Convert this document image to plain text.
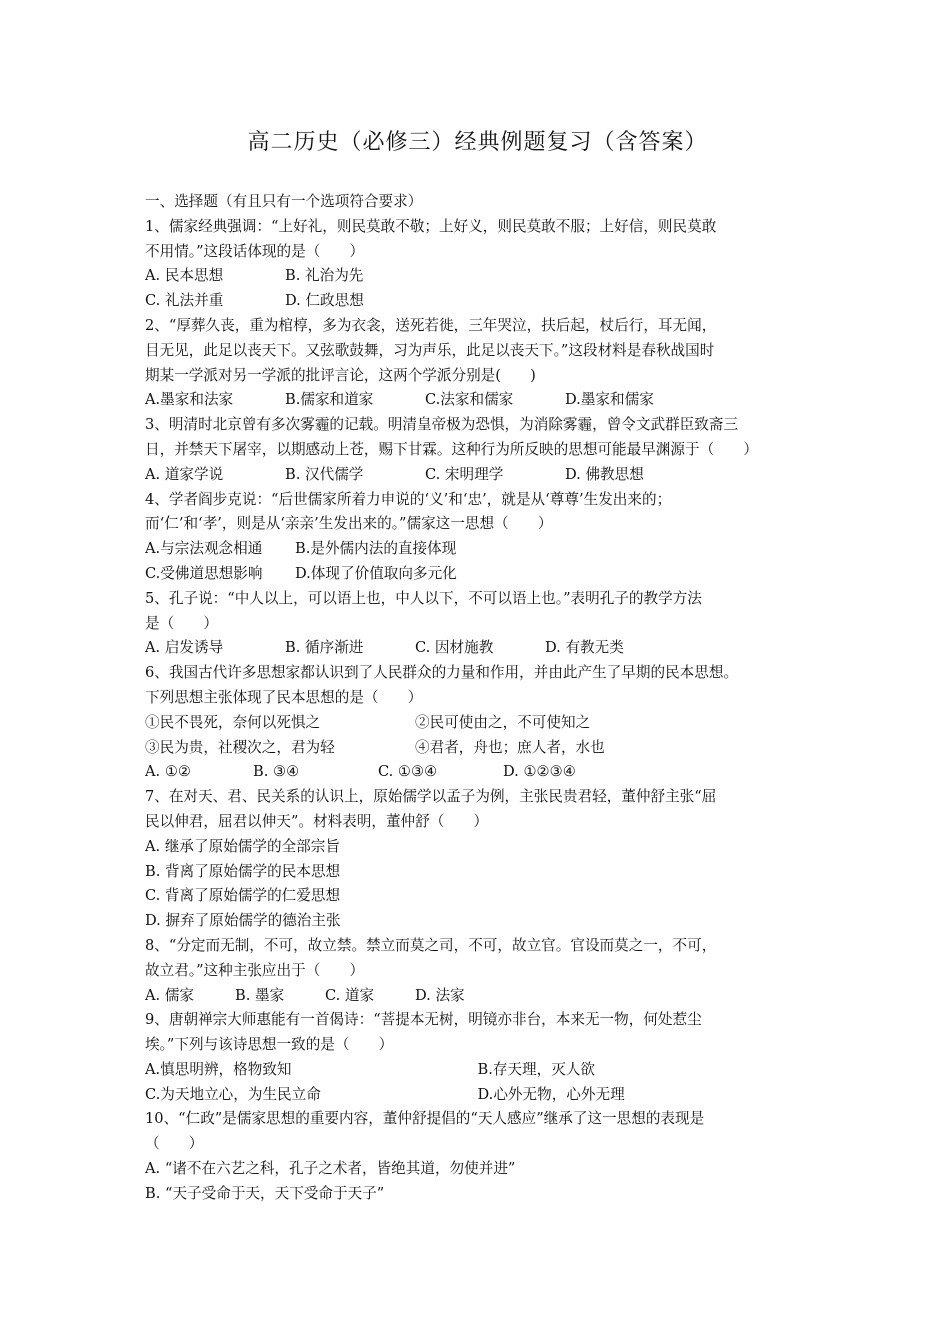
高二历史（必修三）经典例题复习（含答案）
一、选择题（有且只有一个选项符合要求）
1、儒家经典强调：“上好礼，则民莫敢不敬；上好义，则民莫敢不服；上好信，则民莫敢
不用情。”这段话体现的是（　　）
A. 民本思想	B. 礼治为先
C. 礼法并重	D. 仁政思想
2、“厚葬久丧，重为棺椁，多为衣衾，送死若徙，三年哭泣，扶后起，杖后行，耳无闻，
目无见，此足以丧天下。又弦歌鼓舞，习为声乐，此足以丧天下。”这段材料是春秋战国时
期某一学派对另一学派的批评言论，这两个学派分别是(　　)
A.墨家和法家	B.儒家和道家	C.法家和儒家	D.墨家和儒家
3、明清时北京曾有多次雾霾的记载。明清皇帝极为恐惧，为消除雾霾，曾令文武群臣致斋三
日，并禁天下屠宰，以期感动上苍，赐下甘霖。这种行为所反映的思想可能最早渊源于（　　）
A. 道家学说	B. 汉代儒学	C. 宋明理学	D. 佛教思想
4、学者阎步克说：“后世儒家所着力申说的‘义’和‘忠’，就是从‘尊尊’生发出来的；
而‘仁’和‘孝’，则是从‘亲亲’生发出来的。”儒家这一思想（　　）
A.与宗法观念相通	B.是外儒内法的直接体现
C.受佛道思想影响	D.体现了价值取向多元化
5、孔子说：“中人以上，可以语上也，中人以下，不可以语上也。”表明孔子的教学方法
是（　　）
A. 启发诱导	B. 循序渐进	C. 因材施教	D. 有教无类
6、我国古代许多思想家都认识到了人民群众的力量和作用，并由此产生了早期的民本思想。
下列思想主张体现了民本思想的是（　　）
①民不畏死，奈何以死惧之	②民可使由之，不可使知之
③民为贵，社稷次之，君为轻	④君者，舟也；庶人者，水也
A. ①②	B. ③④	C. ①③④	D. ①②③④
7、在对天、君、民关系的认识上，原始儒学以孟子为例，主张民贵君轻，董仲舒主张“屈
民以伸君，屈君以伸天”。材料表明，董仲舒（　　）
A. 继承了原始儒学的全部宗旨
B. 背离了原始儒学的民本思想
C. 背离了原始儒学的仁爱思想
D. 摒弃了原始儒学的德治主张
8、“分定而无制，不可，故立禁。禁立而莫之司，不可，故立官。官设而莫之一，不可，
故立君。”这种主张应出于（　　）
A. 儒家	B. 墨家	C. 道家	D. 法家
9、唐朝禅宗大师惠能有一首偈诗：“菩提本无树，明镜亦非台，本来无一物，何处惹尘
埃。”下列与该诗思想一致的是（　　）
A.慎思明辨，格物致知	B.存天理，灭人欲
C.为天地立心，为生民立命	D.心外无物，心外无理
10、“仁政”是儒家思想的重要内容，董仲舒提倡的“天人感应”继承了这一思想的表现是
（　　）
A. “诸不在六艺之科，孔子之术者，皆绝其道，勿使并进”
B. “天子受命于天，天下受命于天子”
